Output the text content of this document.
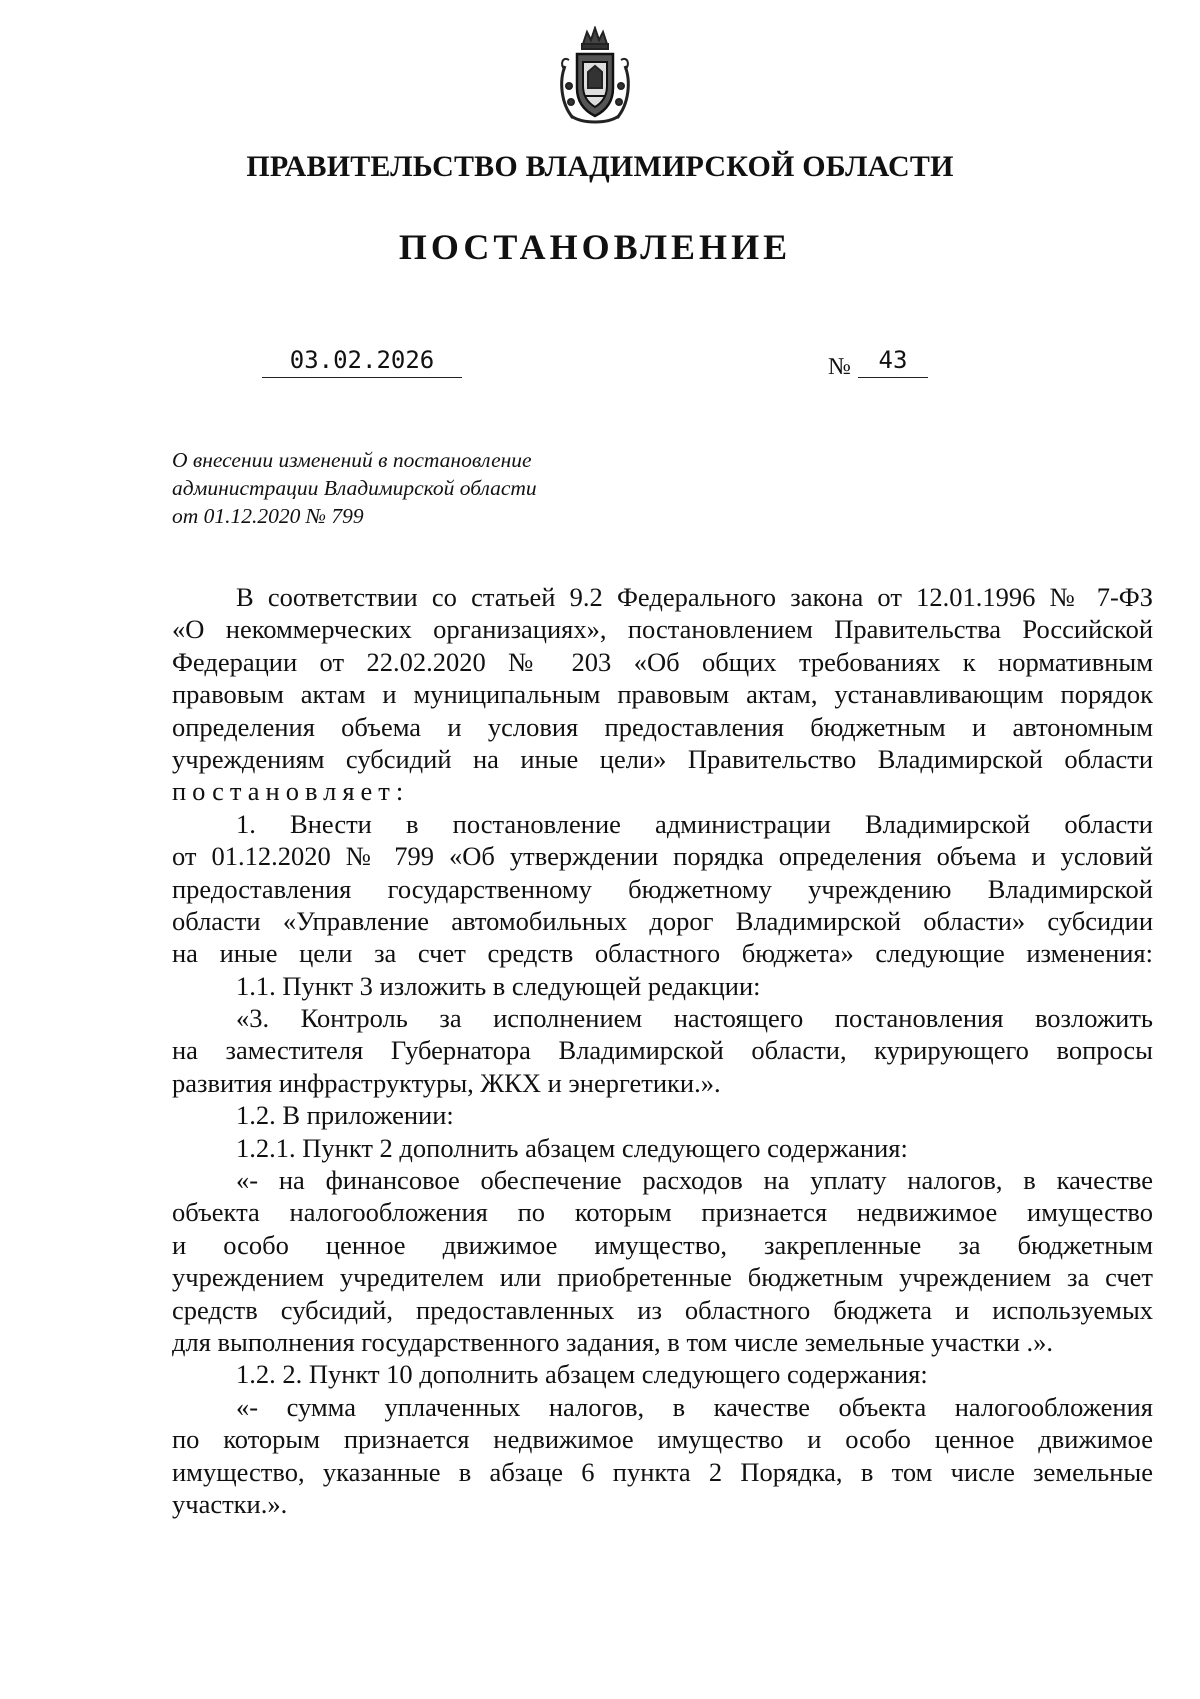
ПРАВИТЕЛЬСТВО ВЛАДИМИРСКОЙ ОБЛАСТИ
ПОСТАНОВЛЕНИЕ
03.02.2026	№	43
О внесении изменений в постановление
администрации Владимирской области
от 01.12.2020 № 799
В соответствии со статьей 9.2 Федерального закона от 12.01.1996 № 7-ФЗ
«О некоммерческих организациях», постановлением Правительства Российской
Федерации от 22.02.2020 № 203 «Об общих требованиях к нормативным
правовым актам и муниципальным правовым актам, устанавливающим порядок
определения объема и условия предоставления бюджетным и автономным
учреждениям субсидий на иные цели» Правительство Владимирской области
постановляет:
1. Внести в постановление администрации Владимирской области
от 01.12.2020 № 799 «Об утверждении порядка определения объема и условий
предоставления государственному бюджетному учреждению Владимирской
области «Управление автомобильных дорог Владимирской области» субсидии
на иные цели за счет средств областного бюджета» следующие изменения:
1.1. Пункт 3 изложить в следующей редакции:
«3. Контроль за исполнением настоящего постановления возложить
на заместителя Губернатора Владимирской области, курирующего вопросы
развития инфраструктуры, ЖКХ и энергетики.».
1.2. В приложении:
1.2.1. Пункт 2 дополнить абзацем следующего содержания:
«- на финансовое обеспечение расходов на уплату налогов, в качестве
объекта налогообложения по которым признается недвижимое имущество
и особо ценное движимое имущество, закрепленные за бюджетным
учреждением учредителем или приобретенные бюджетным учреждением за счет
средств субсидий, предоставленных из областного бюджета и используемых
для выполнения государственного задания, в том числе земельные участки .».
1.2. 2. Пункт 10 дополнить абзацем следующего содержания:
«- сумма уплаченных налогов, в качестве объекта налогообложения
по которым признается недвижимое имущество и особо ценное движимое
имущество, указанные в абзаце 6 пункта 2 Порядка, в том числе земельные
участки.».
